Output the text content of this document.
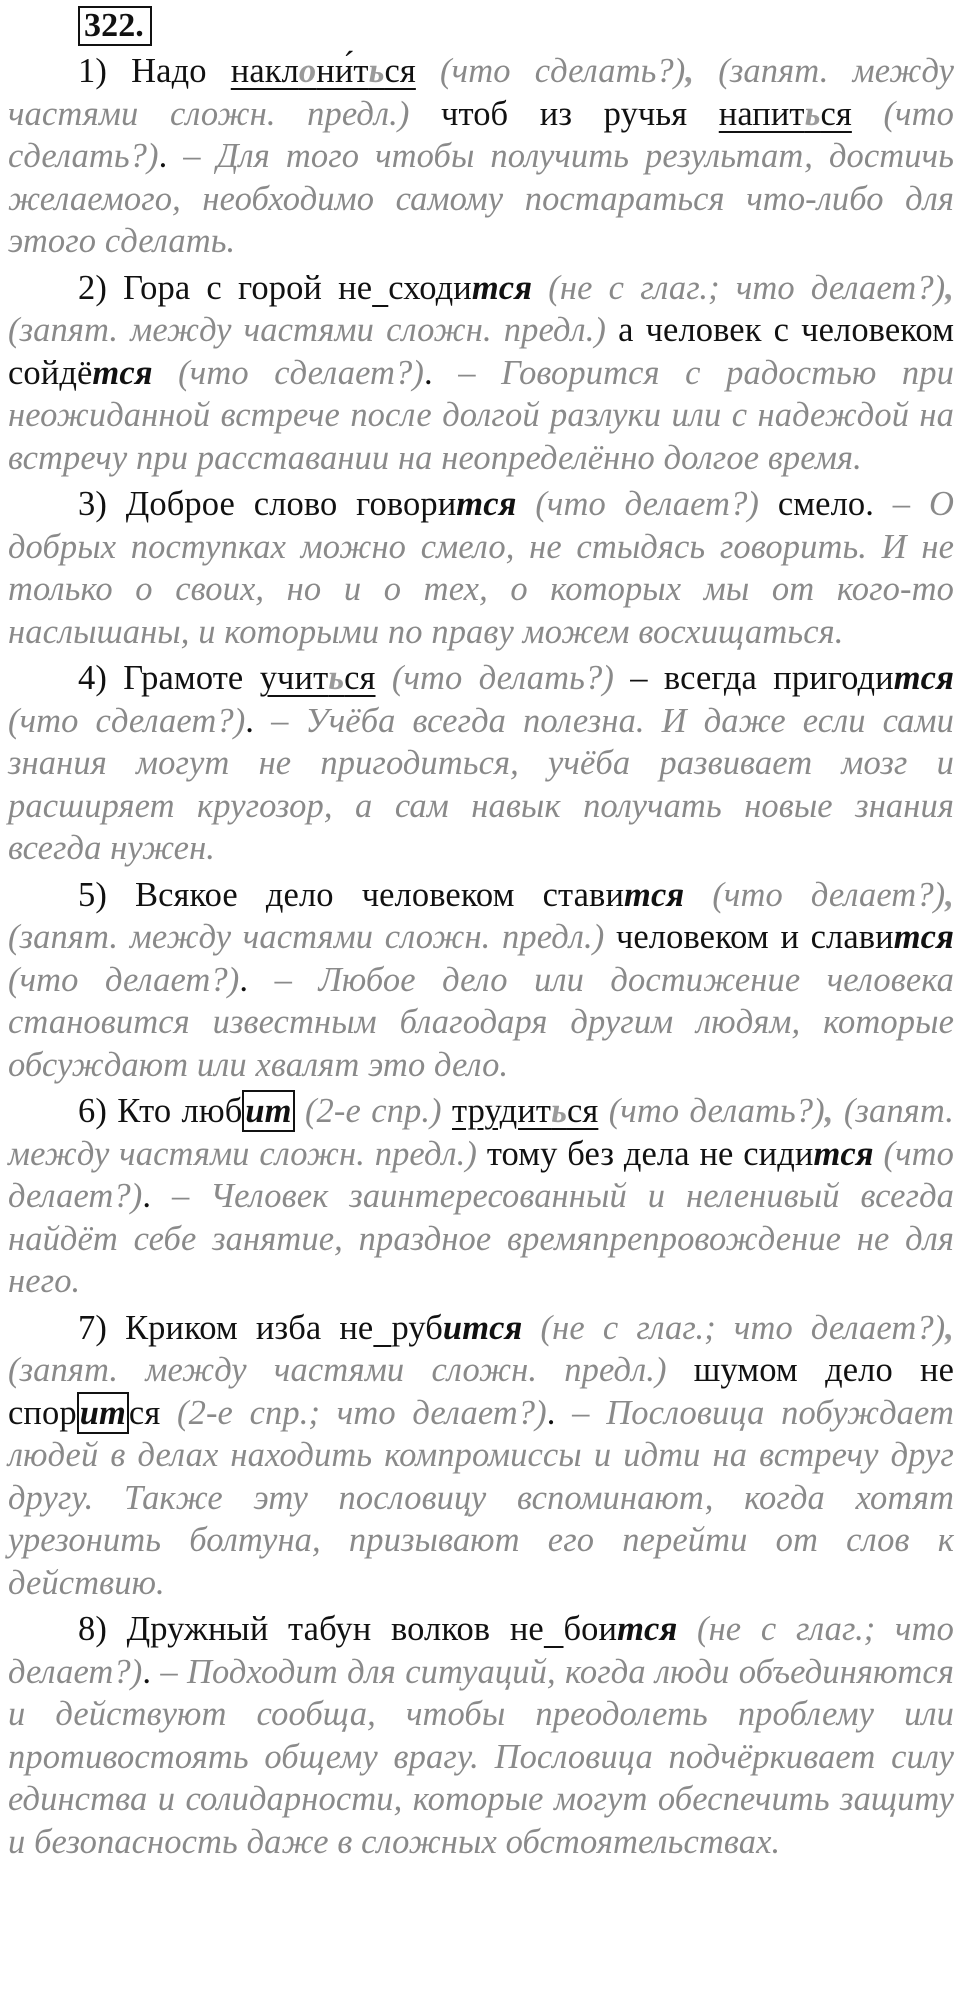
322.

1) Надо наклони́ться (что сделать?), (запят. между частями сложн. предл.) чтоб из ручья напиться (что сделать?). – Для того чтобы получить результат, достичь желаемого, необходимо самому постараться что-либо для этого сделать.

2) Гора с горой не сходится (не с глаг.; что делает?), (запят. между частями сложн. предл.) а человек с человеком сойдётся (что сделает?). – Говорится с радостью при неожиданной встрече после долгой разлуки или с надеждой на встречу при расставании на неопределённо долгое время.

3) Доброе слово говорится (что делает?) смело. – О добрых поступках можно смело, не стыдясь говорить. И не только о своих, но и о тех, о которых мы от кого-то наслышаны, и которыми по праву можем восхищаться.

4) Грамоте учиться (что делать?) – всегда пригодится (что сделает?). – Учёба всегда полезна. И даже если сами знания могут не пригодиться, учёба развивает мозг и расширяет кругозор, а сам навык получать новые знания всегда нужен.

5) Всякое дело человеком ставится (что делает?), (запят. между частями сложн. предл.) человеком и славится (что делает?). – Любое дело или достижение человека становится известным благодаря другим людям, которые обсуждают или хвалят это дело.

6) Кто любит (2-е спр.) трудиться (что делать?), (запят. между частями сложн. предл.) тому без дела не сидится (что делает?). – Человек заинтересованный и неленивый всегда найдёт себе занятие, праздное времяпрепровождение не для него.

7) Криком изба не рубится (не с глаг.; что делает?), (запят. между частями сложн. предл.) шумом дело не спорится (2-е спр.; что делает?). – Пословица побуждает людей в делах находить компромиссы и идти на встречу друг другу. Также эту пословицу вспоминают, когда хотят урезонить болтуна, призывают его перейти от слов к действию.

8) Дружный табун волков не боится (не с глаг.; что делает?). – Подходит для ситуаций, когда люди объединяются и действуют сообща, чтобы преодолеть проблему или противостоять общему врагу. Пословица подчёркивает силу единства и солидарности, которые могут обеспечить защиту и безопасность даже в сложных обстоятельствах.
